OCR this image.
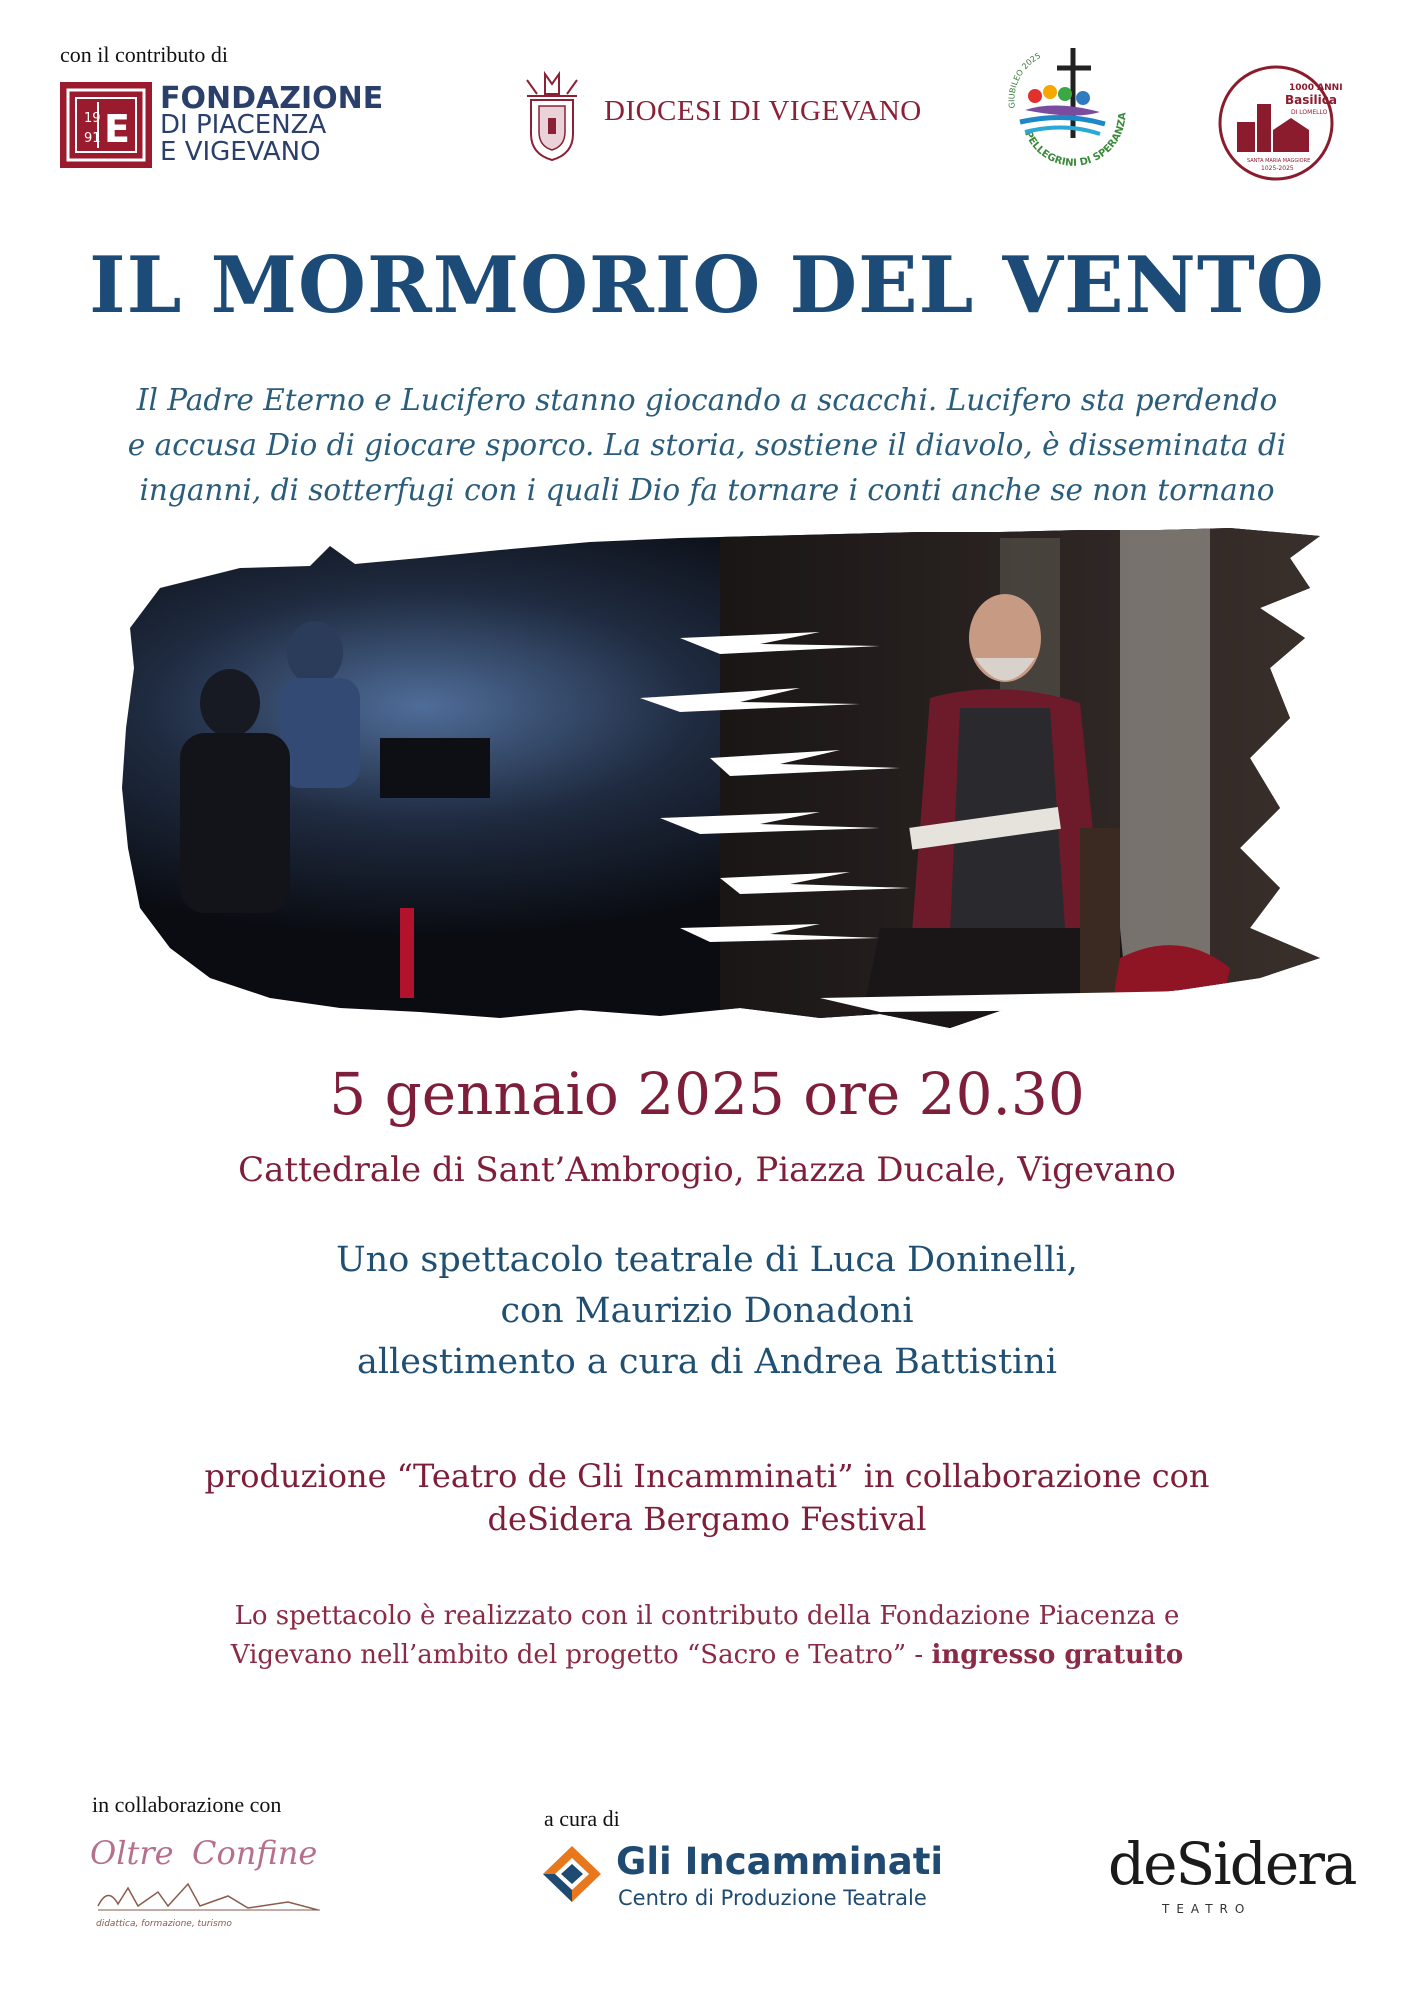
con il contributo di
19
91 E
FONDAZIONE
DI PIACENZA
E VIGEVANO
DIOCESI DI VIGEVANO	GIUBILEO 2025
PELLEGRINI DI SPERANZA
1000 ANNI
Basilica
DI LOMELLO
SANTA MARIA MAGGIORE
1025-2025
IL MORMORIO DEL VENTO
Il Padre Eterno e Lucifero stanno giocando a scacchi. Lucifero sta perdendo
e accusa Dio di giocare sporco. La storia, sostiene il diavolo, è disseminata di
inganni, di sotterfugi con i quali Dio fa tornare i conti anche se non tornano
5 gennaio 2025 ore 20.30
Cattedrale di Sant’Ambrogio, Piazza Ducale, Vigevano
Uno spettacolo teatrale di Luca Doninelli,
con Maurizio Donadoni
allestimento a cura di Andrea Battistini
produzione “Teatro de Gli Incamminati” in collaborazione con
deSidera Bergamo Festival
Lo spettacolo è realizzato con il contributo della Fondazione Piacenza e
Vigevano nell’ambito del progetto “Sacro e Teatro” - ingresso gratuito
in collaborazione con
Oltre Confine
didattica, formazione, turismo
a cura di
Gli Incamminati
Centro di Produzione Teatrale	deSidera
TEATRO
